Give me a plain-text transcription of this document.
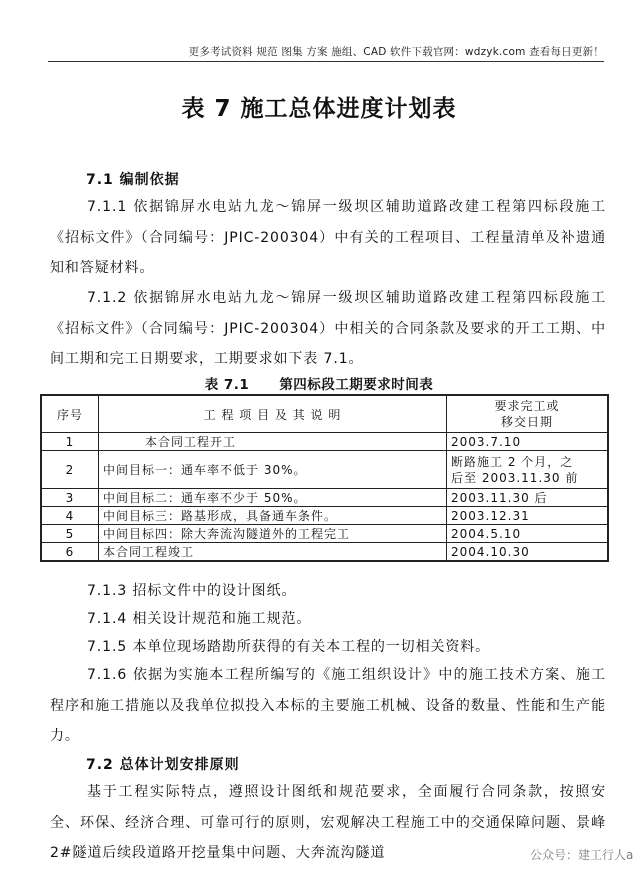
更多考试资料 规范 图集 方案 施组、CAD 软件下载官网：wdzyk.com 查看每日更新！
表 7 施工总体进度计划表
7.1 编制依据
7.1.1 依据锦屏水电站九龙～锦屏一级坝区辅助道路改建工程第四标段施工《招标文件》（合同编号：JPIC-200304）中有关的工程项目、工程量清单及补遗通知和答疑材料。
7.1.2 依据锦屏水电站九龙～锦屏一级坝区辅助道路改建工程第四标段施工《招标文件》（合同编号：JPIC-200304）中相关的合同条款及要求的开工工期、中间工期和完工日期要求，工期要求如下表 7.1。
表 7.1 第四标段工期要求时间表
序号	工 程 项 目 及 其 说 明	要求完工或
移交日期

1	本合同工程开工	2003.7.10
2	中间目标一：通车率不低于 30%。	断路施工 2 个月，之
后至 2003.11.30 前

3	中间目标二：通车率不少于 50%。	2003.11.30 后
4	中间目标三：路基形成，具备通车条件。	2003.12.31
5	中间目标四：除大奔流沟隧道外的工程完工	2004.5.10
6	本合同工程竣工	2004.10.30
7.1.3 招标文件中的设计图纸。
7.1.4 相关设计规范和施工规范。
7.1.5 本单位现场踏勘所获得的有关本工程的一切相关资料。
7.1.6 依据为实施本工程所编写的《施工组织设计》中的施工技术方案、施工程序和施工措施以及我单位拟投入本标的主要施工机械、设备的数量、性能和生产能力。
7.2 总体计划安排原则
基于工程实际特点，遵照设计图纸和规范要求，全面履行合同条款，按照安全、环保、经济合理、可靠可行的原则，宏观解决工程施工中的交通保障问题、景峰 2#隧道后续段道路开挖量集中问题、大奔流沟隧道	公众号：建工行人a
